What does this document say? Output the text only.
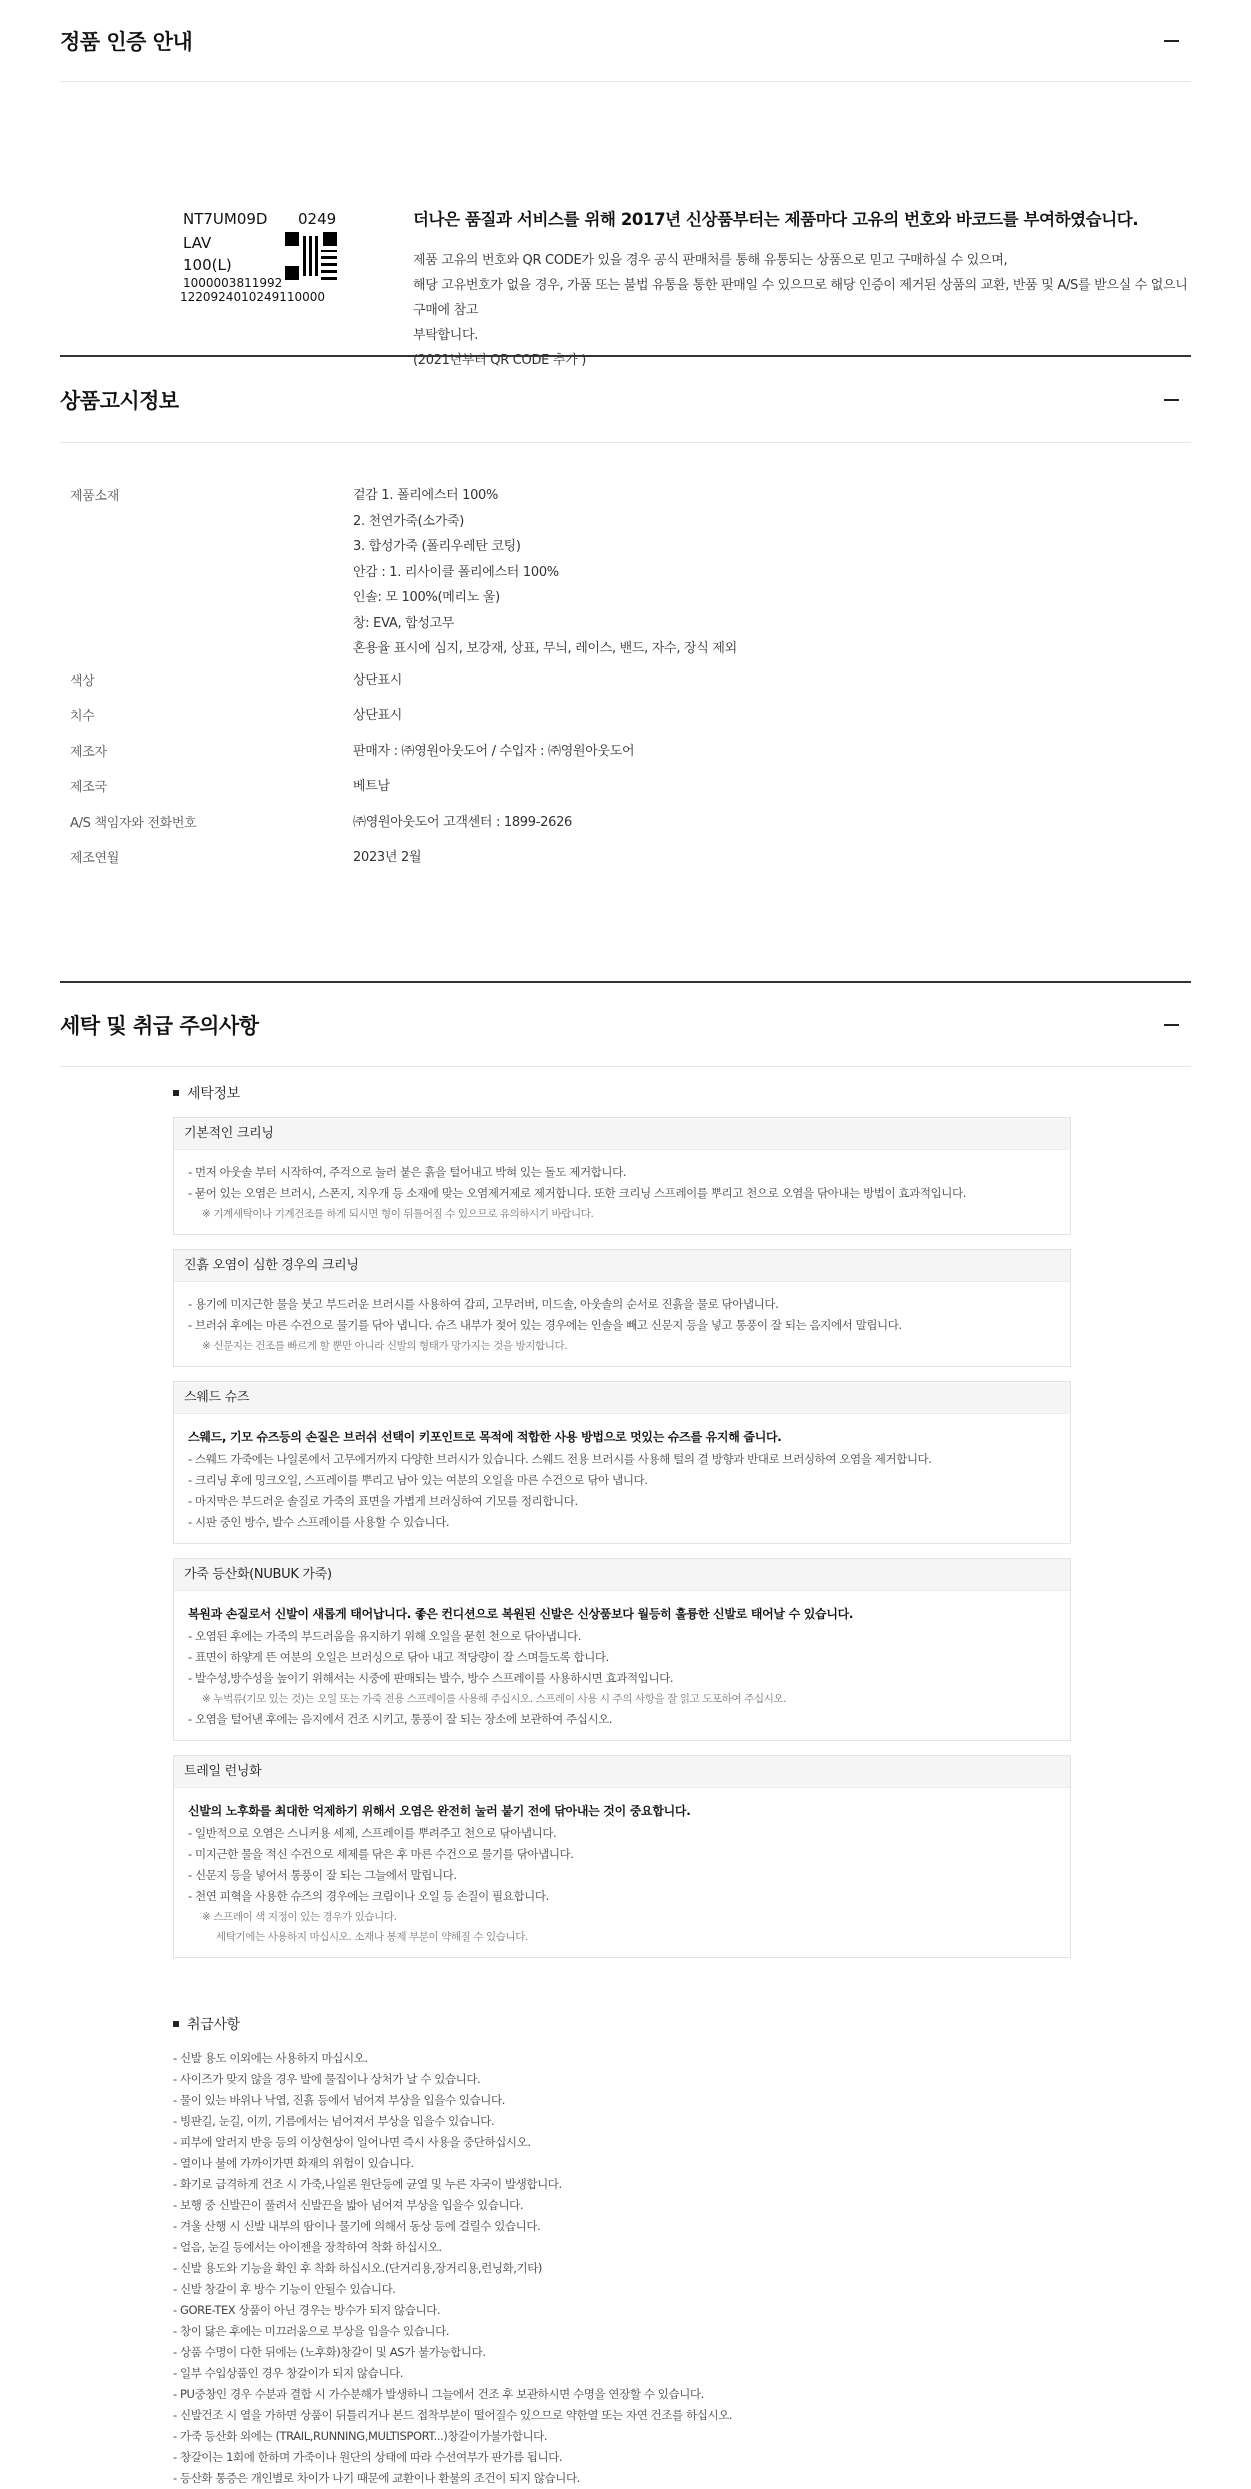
정품 인증 안내
NT7UM09D 0249
LAV
100(L)
1000003811992
12209240102491100​00
더나은 품질과 서비스를 위해 2017년 신상품부터는 제품마다 고유의 번호와 바코드를 부여하였습니다.
제품 고유의 번호와 QR CODE가 있을 경우 공식 판매처를 통해 유통되는 상품으로 믿고 구매하실 수 있으며,
해당 고유번호가 없을 경우, 가품 또는 불법 유통을 통한 판매일 수 있으므로 해당 인증이 제거된 상품의 교환, 반품 및 A/S를 받으실 수 없으니 구매에 참고
부탁합니다.
(2021년부터 QR CODE 추가 )
상품고시정보
제품소재	겉감 1. 폴리에스터 100%
2. 천연가죽(소가죽)
3. 합성가죽 (폴리우레탄 코팅)
안감 : 1. 리사이클 폴리에스터 100%
인솔: 모 100%(메리노 울)
창: EVA, 합성고무
혼용율 표시에 심지, 보강재, 상표, 무늬, 레이스, 밴드, 자수, 장식 제외
색상	상단표시
치수	상단표시
제조자	판매자 : ㈜영원아웃도어 / 수입자 : ㈜영원아웃도어
제조국	베트남
A/S 책임자와 전화번호	㈜영원아웃도어 고객센터 : 1899-2626
제조연월	2023년 2월
세탁 및 취급 주의사항
세탁정보
기본적인 크리닝
- 먼저 아웃솔 부터 시작하여, 주걱으로 눌러 붙은 흙을 털어내고 박혀 있는 돌도 제거합니다.
- 묻어 있는 오염은 브러시, 스폰지, 지우개 등 소재에 맞는 오염제거제로 제거합니다. 또한 크리닝 스프레이를 뿌리고 천으로 오염을 닦아내는 방법이 효과적입니다.
※ 기계세탁이나 기계건조를 하게 되시면 형이 뒤틀어질 수 있으므로 유의하시기 바랍니다.
진흙 오염이 심한 경우의 크리닝
- 용기에 미지근한 물을 붓고 부드러운 브러시를 사용하여 갑피, 고무러버, 미드솔, 아웃솔의 순서로 진흙을 물로 닦아냅니다.
- 브러쉬 후에는 마른 수건으로 물기를 닦아 냅니다. 슈즈 내부가 젖어 있는 경우에는 인솔을 빼고 신문지 등을 넣고 통풍이 잘 되는 음지에서 말립니다.
※ 신문지는 건조를 빠르게 할 뿐만 아니라 신발의 형태가 망가지는 것을 방지합니다.
스웨드 슈즈
스웨드, 기모 슈즈등의 손질은 브러쉬 선택이 키포인트로 목적에 적합한 사용 방법으로 멋있는 슈즈를 유지해 줍니다.
- 스웨드 가죽에는 나일론에서 고무에거까지 다양한 브러시가 있습니다. 스웨드 전용 브러시를 사용해 털의 결 방향과 반대로 브러싱하여 오염을 제거합니다.
- 크리닝 후에 밍크오일, 스프레이를 뿌리고 남아 있는 여분의 오일을 마른 수건으로 닦아 냅니다.
- 마지막은 부드러운 솔질로 가죽의 표면을 가볍게 브러싱하여 기모를 정리합니다.
- 시판 중인 방수, 발수 스프레이를 사용할 수 있습니다.
가죽 등산화(NUBUK 가죽)
복원과 손질로서 신발이 새롭게 태어납니다. 좋은 컨디션으로 복원된 신발은 신상품보다 월등히 훌륭한 신발로 태어날 수 있습니다.
- 오염된 후에는 가죽의 부드러움을 유지하기 위해 오일을 묻힌 천으로 닦아냅니다.
- 표면이 하얗게 뜬 여분의 오일은 브러싱으로 닦아 내고 적당량이 잘 스며들도록 합니다.
- 발수성,방수성을 높이기 위해서는 시중에 판매되는 발수, 방수 스프레이를 사용하시면 효과적입니다.
※ 누벅류(기모 있는 것)는 오일 또는 가죽 전용 스프레이를 사용해 주십시오. 스프레이 사용 시 주의 사항을 잘 읽고 도포하여 주십시오.
- 오염을 털어낸 후에는 음지에서 건조 시키고, 통풍이 잘 되는 장소에 보관하여 주십시오.
트레일 런닝화
신발의 노후화를 최대한 억제하기 위해서 오염은 완전히 눌러 붙기 전에 닦아내는 것이 중요합니다.
- 일반적으로 오염은 스니커용 세제, 스프레이를 뿌려주고 천으로 닦아냅니다.
- 미지근한 물을 적신 수건으로 세제를 닦은 후 마른 수건으로 물기를 닦아냅니다.
- 신문지 등을 넣어서 통풍이 잘 되는 그늘에서 말립니다.
- 천연 피혁을 사용한 슈즈의 경우에는 크림이나 오일 등 손질이 필요합니다.
※ 스프레이 색 지정이 있는 경우가 있습니다.
세탁기에는 사용하지 마십시오. 소재나 봉제 부분이 약해질 수 있습니다.
취급사항
- 신발 용도 이외에는 사용하지 마십시오.
- 사이즈가 맞지 않을 경우 발에 물집이나 상처가 날 수 있습니다.
- 물이 있는 바위나 낙엽, 진흙 등에서 넘어져 부상을 입을수 있습니다.
- 빙판길, 눈길, 이끼, 기름에서는 넘어져서 부상을 입을수 있습니다.
- 피부에 알러지 반응 등의 이상현상이 일어나면 즉시 사용을 중단하십시오.
- 열이나 불에 가까이가면 화재의 위험이 있습니다.
- 화기로 급격하게 건조 시 가죽,나일론 원단등에 균열 및 누른 자국이 발생합니다.
- 보행 중 신발끈이 풀려서 신발끈을 밟아 넘어져 부상을 입을수 있습니다.
- 겨울 산행 시 신발 내부의 땀이나 물기에 의해서 동상 등에 걸릴수 있습니다.
- 얼음, 눈길 등에서는 아이젠을 장착하여 착화 하십시오.
- 신발 용도와 기능을 확인 후 착화 하십시오.(단거리용,장거리용,런닝화,기타)
- 신발 창갈이 후 방수 기능이 안될수 있습니다.
- GORE-TEX 상품이 아닌 경우는 방수가 되지 않습니다.
- 창이 닳은 후에는 미끄러움으로 부상을 입을수 있습니다.
- 상품 수명이 다한 뒤에는 (노후화)창갈이 및 AS가 불가능합니다.
- 일부 수입상품인 경우 창갈이가 되지 않습니다.
- PU중창인 경우 수분과 결합 시 가수분해가 발생하니 그늘에서 건조 후 보관하시면 수명을 연장할 수 있습니다.
- 신발건조 시 열을 가하면 상품이 뒤틀리거나 본드 접착부분이 떨어질수 있으므로 약한열 또는 자연 건조를 하십시오.
- 가죽 등산화 외에는 (TRAIL,RUNNING,MULTISPORT...)창갈이가불가합니다.
- 창갈이는 1회에 한하며 가죽이나 원단의 상태에 따라 수선여부가 판가름 됩니다.
- 등산화 통증은 개인별로 차이가 나기 때문에 교환이나 환불의 조건이 되지 않습니다.
